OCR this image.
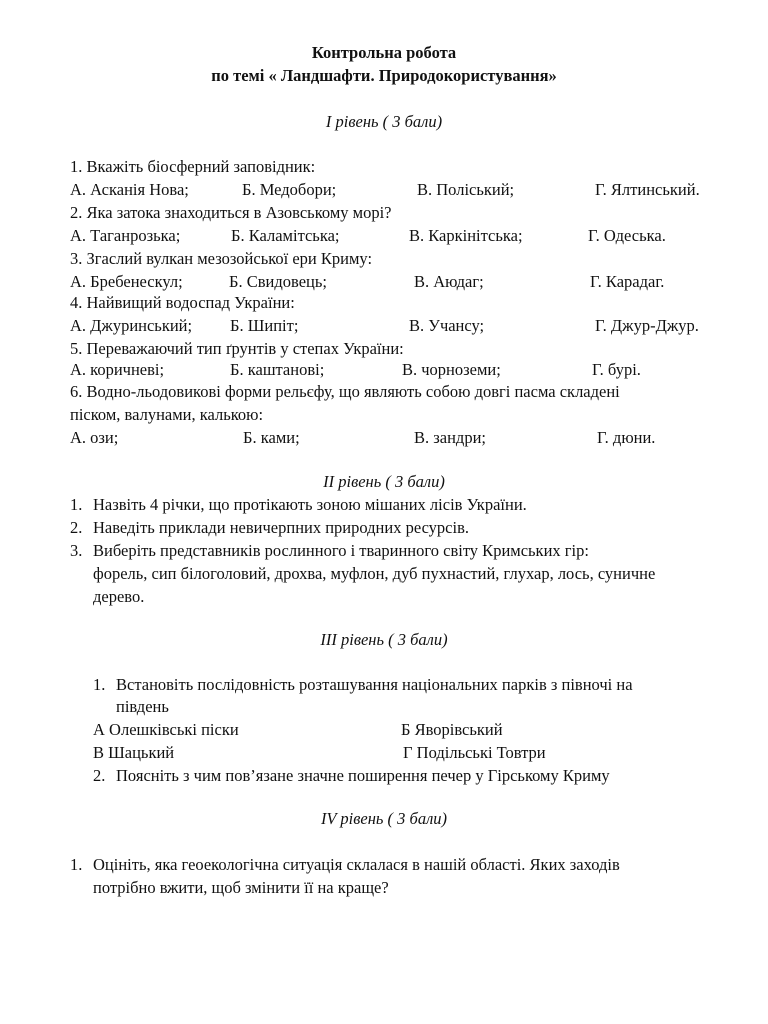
Контрольна робота
по темі « Ландшафти. Природокористування»
І рівень ( 3 бали)
1. Вкажіть біосферний заповідник:
А. Асканія Нова;	Б. Медобори;	В. Поліський;	Г. Ялтинський.
2. Яка затока знаходиться в Азовському морі?
А. Таганрозька;	Б. Каламітська;	В. Каркінітська;	Г. Одеська.
3. Згаслий вулкан мезозойської ери Криму:
А. Бребенескул;	Б. Свидовець;	В. Аюдаг;	Г. Карадаг.
4. Найвищий водоспад України:
А. Джуринський; Б. Шипіт;	В. Учансу;	Г. Джур-Джур.
5. Переважаючий тип ґрунтів у степах України:
А. коричневі;	Б. каштанові;	В. чорноземи;	Г. бурі.
6. Водно-льодовикові форми рельєфу, що являють собою довгі пасма складені
піском, валунами, калькою:
А. ози;	Б. ками;	В. зандри;	Г. дюни.
ІІ рівень ( 3 бали)
1. Назвіть 4 річки, що протікають зоною мішаних лісів України.
2. Наведіть приклади невичерпних природних ресурсів.
3. Виберіть представників рослинного і тваринного світу Кримських гір:
форель, сип білоголовий, дрохва, муфлон, дуб пухнастий, глухар, лось, суничне
дерево.
ІІІ рівень ( 3 бали)
1. Встановіть послідовність розташування національних парків з півночі на
південь
А Олешківські піски	Б Яворівський
В Шацький	Г Подільські Товтри
2. Поясніть з чим пов’язане значне поширення печер у Гірському Криму
ІV рівень ( 3 бали)
1. Оцініть, яка геоекологічна ситуація склалася в нашій області. Яких заходів
потрібно вжити, щоб змінити її на краще?
